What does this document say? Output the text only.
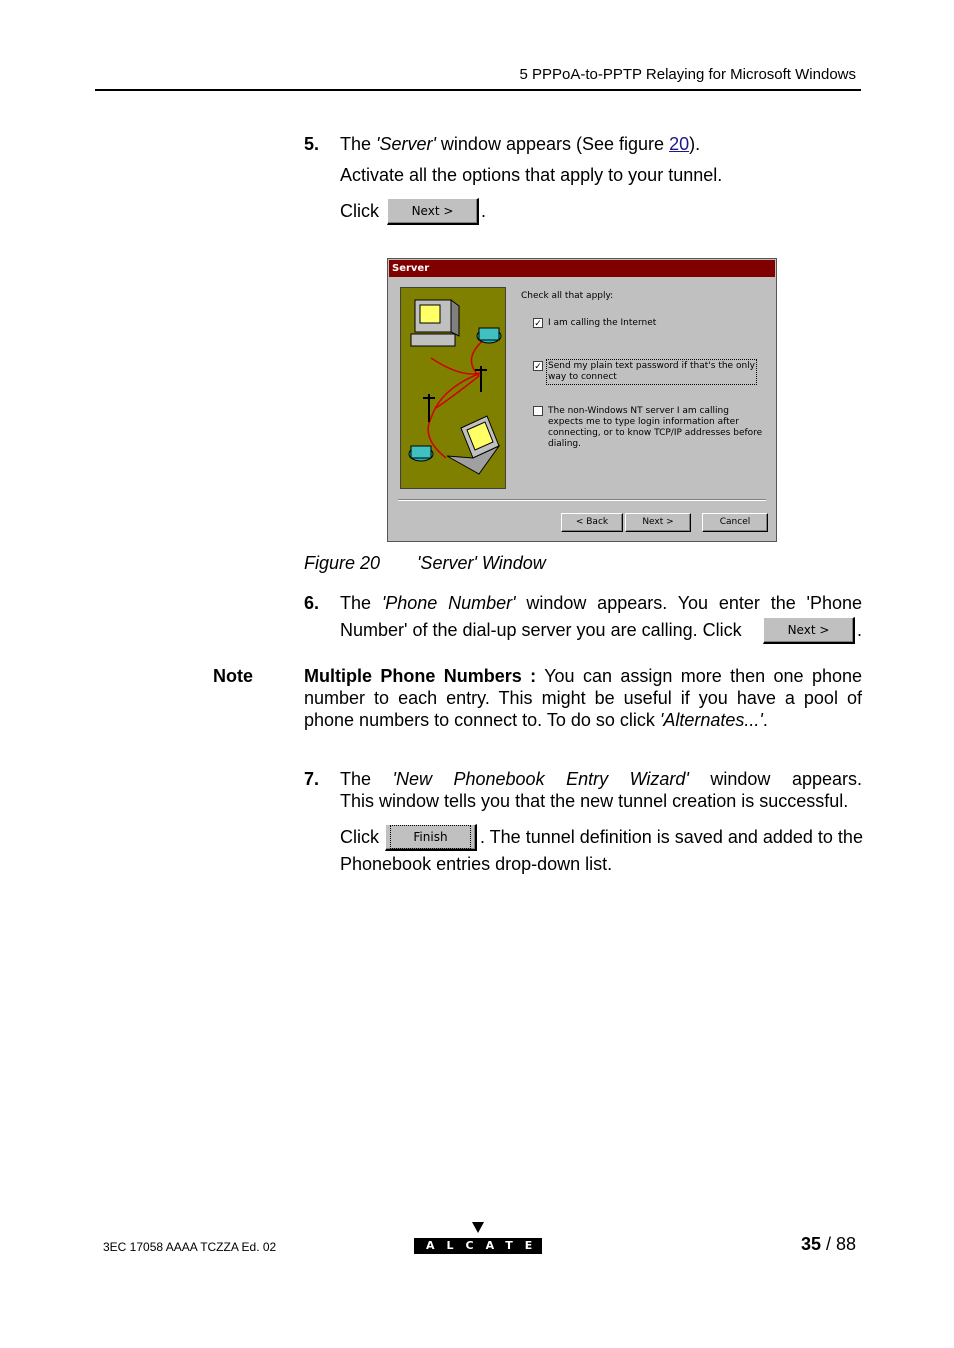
5 PPPoA-to-PPTP Relaying for Microsoft Windows
5. The 'Server' window appears (See figure 20).
Activate all the options that apply to your tunnel.
Click	Next >	.
Server
Check all that apply:
✓ I am calling the Internet
✓ Send my plain text password if that's the only way to connect
The non-Windows NT server I am calling expects me to type login information after connecting, or to know TCP/IP addresses before dialing.
< Back	Next >	Cancel
Figure 20 'Server' Window
6. The 'Phone Number' window appears. You enter the 'Phone
Number' of the dial-up server you are calling. Click	Next >	.
Note	Multiple Phone Numbers : You can assign more then one phone
number to each entry. This might be useful if you have a pool of
phone numbers to connect to. To do so click 'Alternates...'.
7. The 'New Phonebook Entry Wizard' window appears.
This window tells you that the new tunnel creation is successful.
Click	Finish	. The tunnel definition is saved and added to the
Phonebook entries drop-down list.
3EC 17058 AAAA TCZZA Ed. 02	ALCATEL	35 / 88
